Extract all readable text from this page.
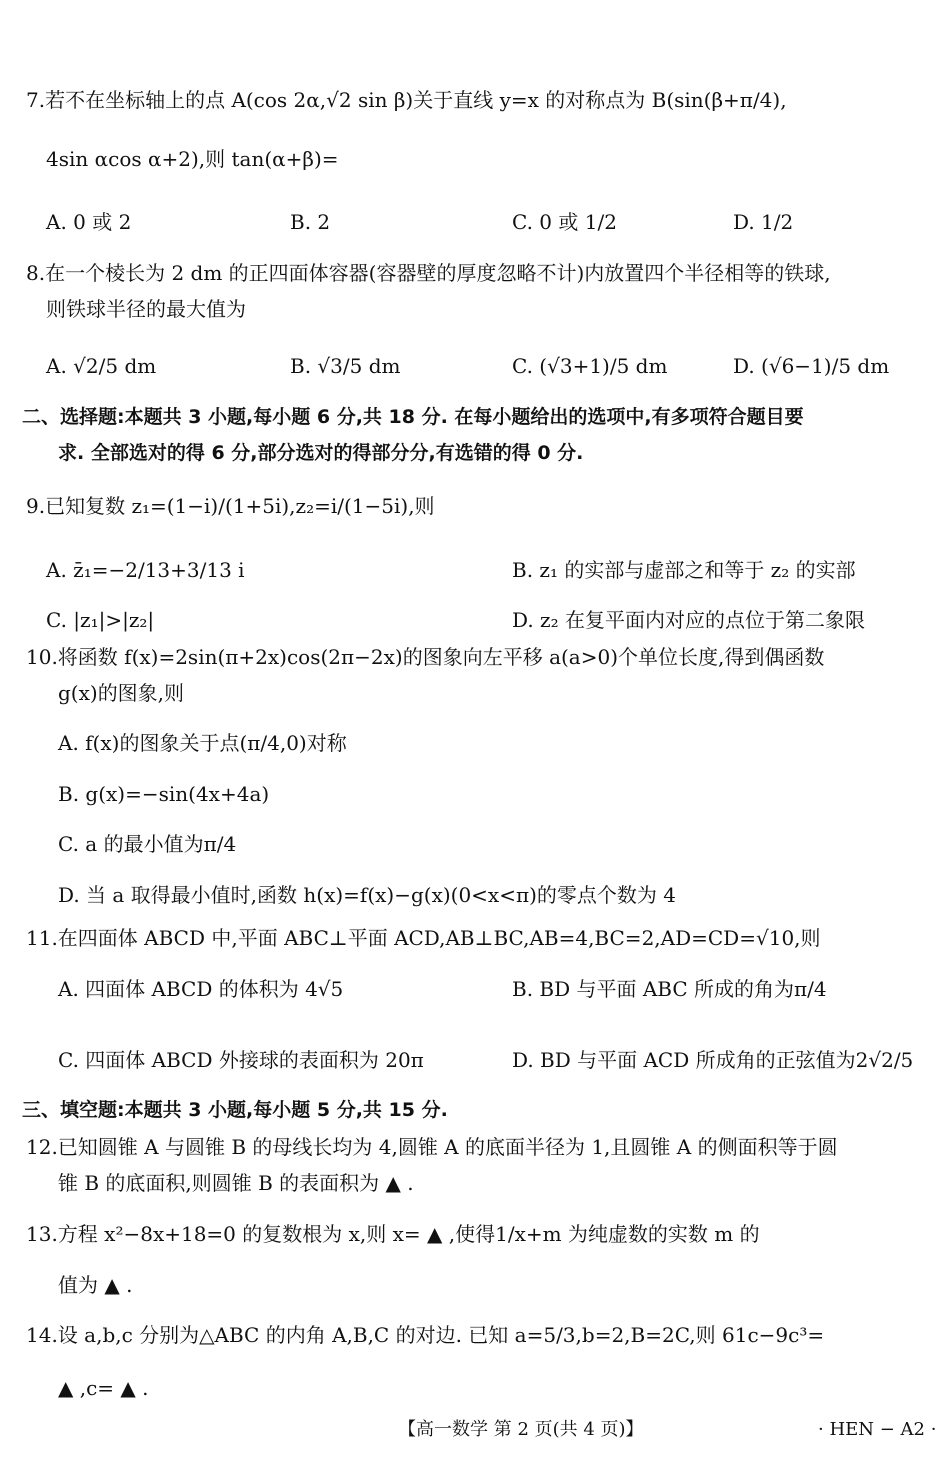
7.若不在坐标轴上的点 A(cos 2α,√2 sin β)关于直线 y=x 的对称点为 B(sin(β+π/4),
4sin αcos α+2),则 tan(α+β)=
A. 0 或 2	B. 2	C. 0 或 1/2	D. 1/2
8.在一个棱长为 2 dm 的正四面体容器(容器壁的厚度忽略不计)内放置四个半径相等的铁球,
则铁球半径的最大值为
A. √2/5 dm	B. √3/5 dm	C. (√3+1)/5 dm	D. (√6−1)/5 dm
二、选择题:本题共 3 小题,每小题 6 分,共 18 分. 在每小题给出的选项中,有多项符合题目要
求. 全部选对的得 6 分,部分选对的得部分分,有选错的得 0 分.
9.已知复数 z₁=(1−i)/(1+5i),z₂=i/(1−5i),则
A. z̄₁=−2/13+3/13 i	B. z₁ 的实部与虚部之和等于 z₂ 的实部
C. |z₁|>|z₂|	D. z₂ 在复平面内对应的点位于第二象限
10.将函数 f(x)=2sin(π+2x)cos(2π−2x)的图象向左平移 a(a>0)个单位长度,得到偶函数
g(x)的图象,则
A. f(x)的图象关于点(π/4,0)对称
B. g(x)=−sin(4x+4a)
C. a 的最小值为π/4
D. 当 a 取得最小值时,函数 h(x)=f(x)−g(x)(0<x<π)的零点个数为 4
11.在四面体 ABCD 中,平面 ABC⊥平面 ACD,AB⊥BC,AB=4,BC=2,AD=CD=√10,则
A. 四面体 ABCD 的体积为 4√5	B. BD 与平面 ABC 所成的角为π/4
C. 四面体 ABCD 外接球的表面积为 20π	D. BD 与平面 ACD 所成角的正弦值为2√2/5
三、填空题:本题共 3 小题,每小题 5 分,共 15 分.
12.已知圆锥 A 与圆锥 B 的母线长均为 4,圆锥 A 的底面半径为 1,且圆锥 A 的侧面积等于圆
锥 B 的底面积,则圆锥 B 的表面积为 ▲ .
13.方程 x²−8x+18=0 的复数根为 x,则 x= ▲ ,使得1/x+m 为纯虚数的实数 m 的
值为 ▲ .
14.设 a,b,c 分别为△ABC 的内角 A,B,C 的对边. 已知 a=5/3,b=2,B=2C,则 61c−9c³=
▲ ,c= ▲ .
【高一数学 第 2 页(共 4 页)】	· HEN − A2 ·
